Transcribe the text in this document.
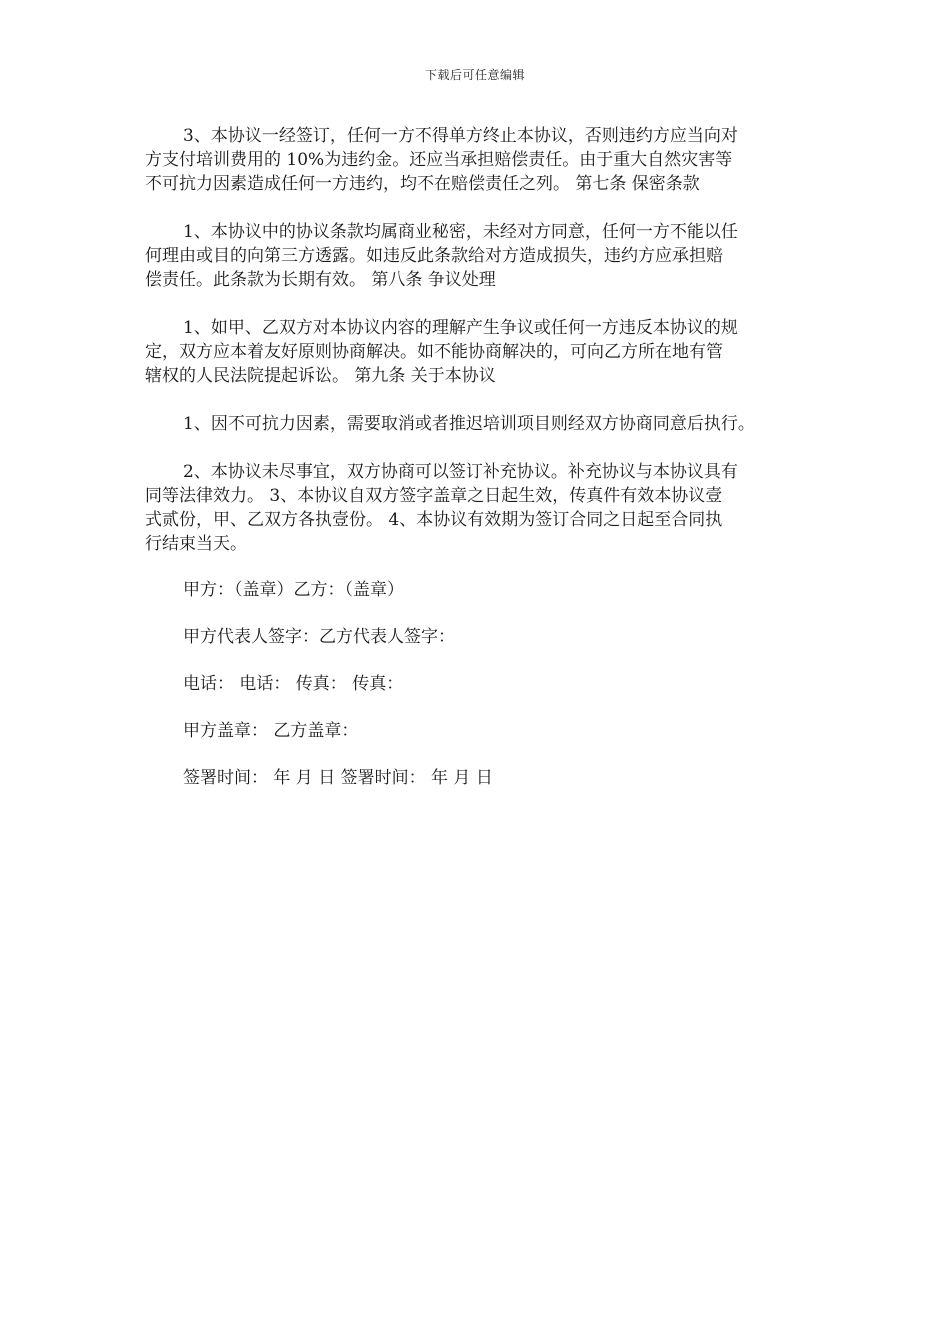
下载后可任意编辑

3、本协议一经签订，任何一方不得单方终止本协议，否则违约方应当向对
方支付培训费用的 10%为违约金。还应当承担赔偿责任。由于重大自然灾害等
不可抗力因素造成任何一方违约，均不在赔偿责任之列。 第七条 保密条款

1、本协议中的协议条款均属商业秘密，未经对方同意，任何一方不能以任
何理由或目的向第三方透露。如违反此条款给对方造成损失，违约方应承担赔
偿责任。此条款为长期有效。 第八条 争议处理

1、如甲、乙双方对本协议内容的理解产生争议或任何一方违反本协议的规
定，双方应本着友好原则协商解决。如不能协商解决的，可向乙方所在地有管
辖权的人民法院提起诉讼。 第九条 关于本协议

1、因不可抗力因素，需要取消或者推迟培训项目则经双方协商同意后执行。

2、本协议未尽事宜，双方协商可以签订补充协议。补充协议与本协议具有
同等法律效力。 3、本协议自双方签字盖章之日起生效，传真件有效本协议壹
式贰份，甲、乙双方各执壹份。 4、本协议有效期为签订合同之日起至合同执
行结束当天。

甲方：（盖章）乙方：（盖章）

甲方代表人签字：乙方代表人签字：

电话： 电话： 传真： 传真：

甲方盖章： 乙方盖章：

签署时间： 年 月 日 签署时间： 年 月 日
